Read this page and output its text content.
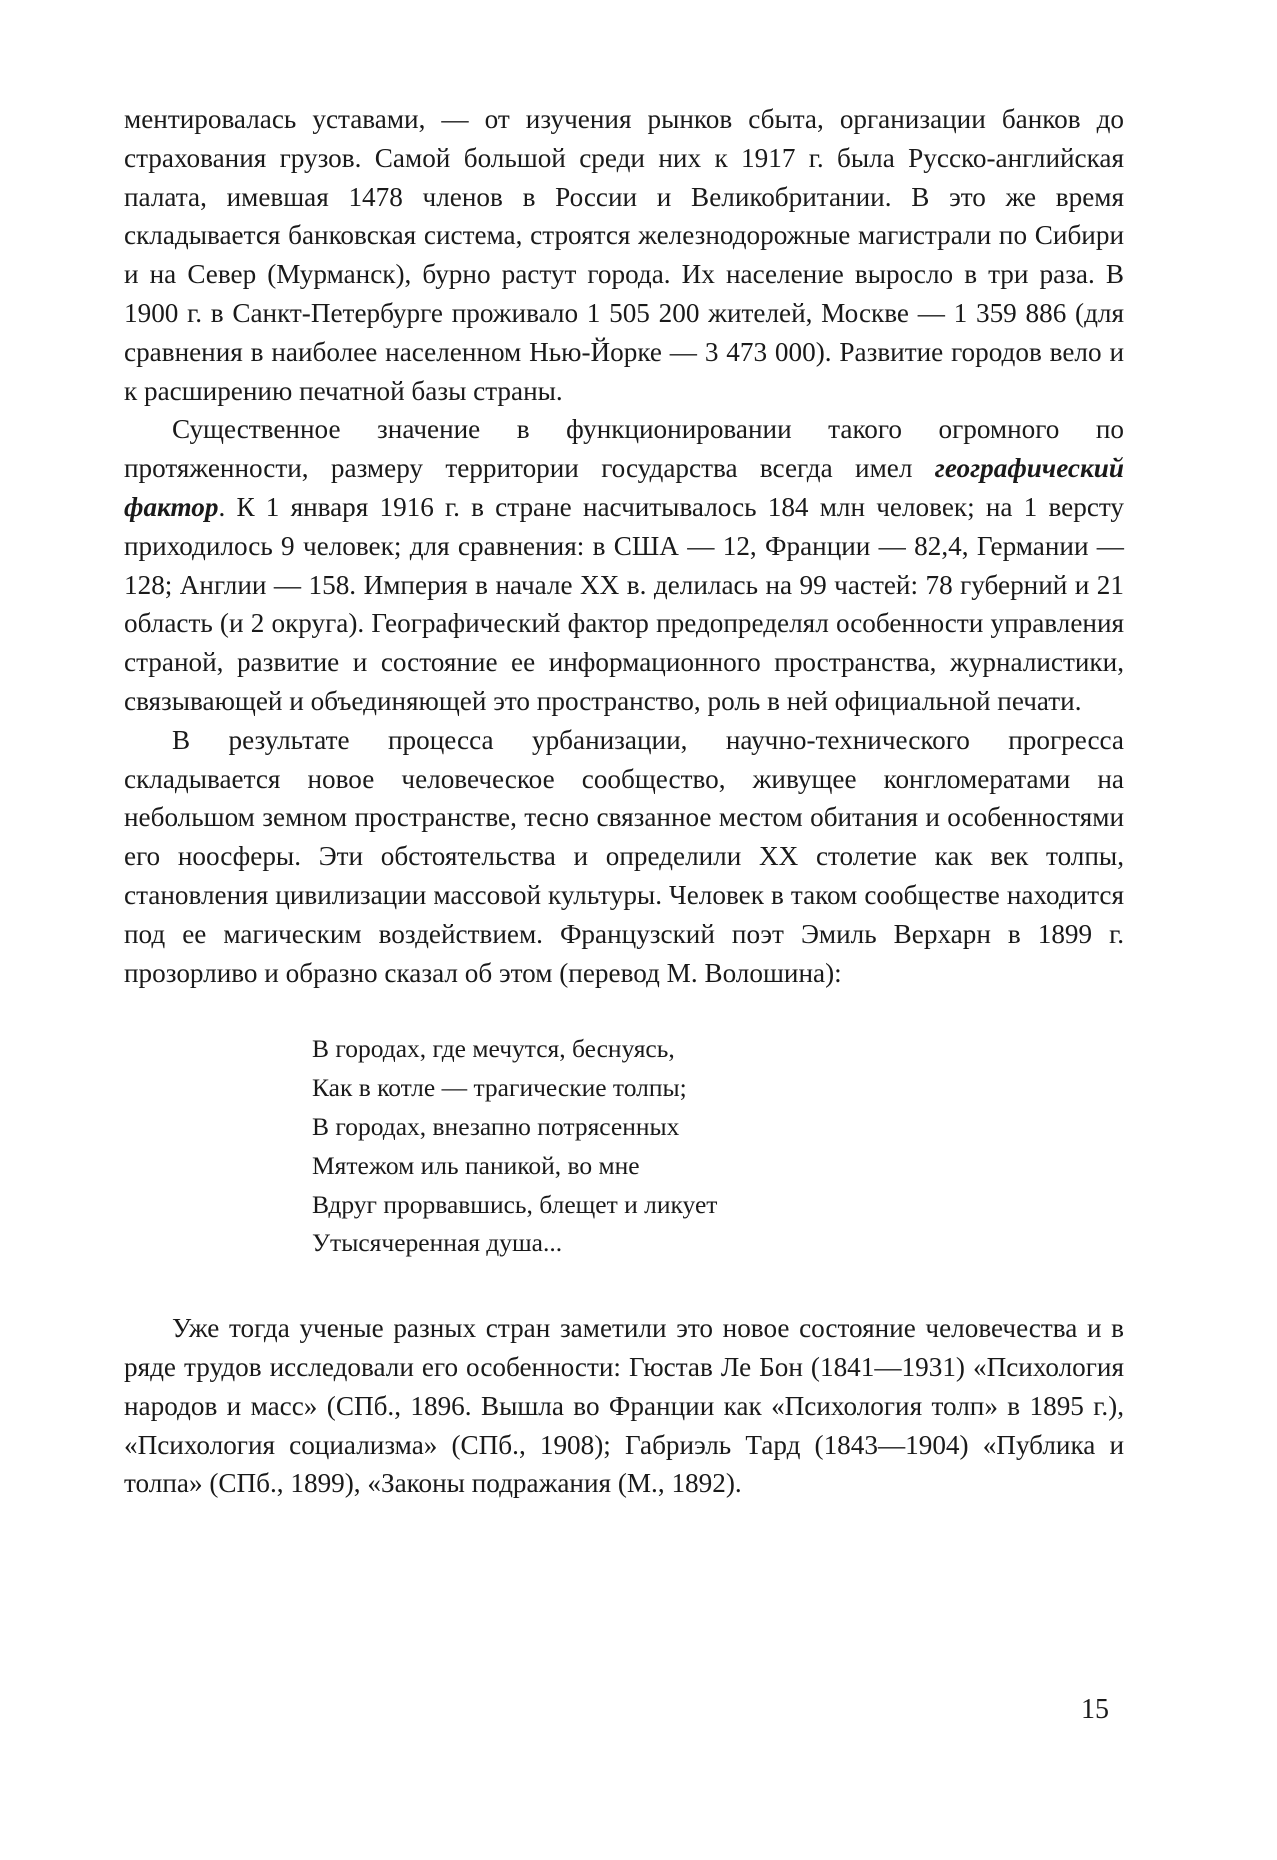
ментировалась уставами, — от изучения рынков сбыта, организации банков до страхования грузов. Самой большой среди них к 1917 г. была Русско-английская палата, имевшая 1478 членов в России и Великобритании. В это же время складывается банковская система, строятся железнодорожные магистрали по Сибири и на Север (Мурманск), бурно растут города. Их население выросло в три раза. В 1900 г. в Санкт-Петербурге проживало 1 505 200 жителей, Москве — 1 359 886 (для сравнения в наиболее населенном Нью-Йорке — 3 473 000). Развитие городов вело и к расширению печатной базы страны.

Существенное значение в функционировании такого огромного по протяженности, размеру территории государства всегда имел географический фактор. К 1 января 1916 г. в стране насчитывалось 184 млн человек; на 1 версту приходилось 9 человек; для сравнения: в США — 12, Франции — 82,4, Германии — 128; Англии — 158. Империя в начале XX в. делилась на 99 частей: 78 губерний и 21 область (и 2 округа). Географический фактор предопределял особенности управления страной, развитие и состояние ее информационного пространства, журналистики, связывающей и объединяющей это пространство, роль в ней официальной печати.

В результате процесса урбанизации, научно-технического прогресса складывается новое человеческое сообщество, живущее конгломератами на небольшом земном пространстве, тесно связанное местом обитания и особенностями его ноосферы. Эти обстоятельства и определили XX столетие как век толпы, становления цивилизации массовой культуры. Человек в таком сообществе находится под ее магическим воздействием. Французский поэт Эмиль Верхарн в 1899 г. прозорливо и образно сказал об этом (перевод М. Волошина):

В городах, где мечутся, беснуясь,
Как в котле — трагические толпы;
В городах, внезапно потрясенных
Мятежом иль паникой, во мне
Вдруг прорвавшись, блещет и ликует
Утысячеренная душа...

Уже тогда ученые разных стран заметили это новое состояние человечества и в ряде трудов исследовали его особенности: Гюстав Ле Бон (1841—1931) «Психология народов и масс» (СПб., 1896. Вышла во Франции как «Психология толп» в 1895 г.), «Психология социализма» (СПб., 1908); Габриэль Тард (1843—1904) «Публика и толпа» (СПб., 1899), «Законы подражания (М., 1892).

15
